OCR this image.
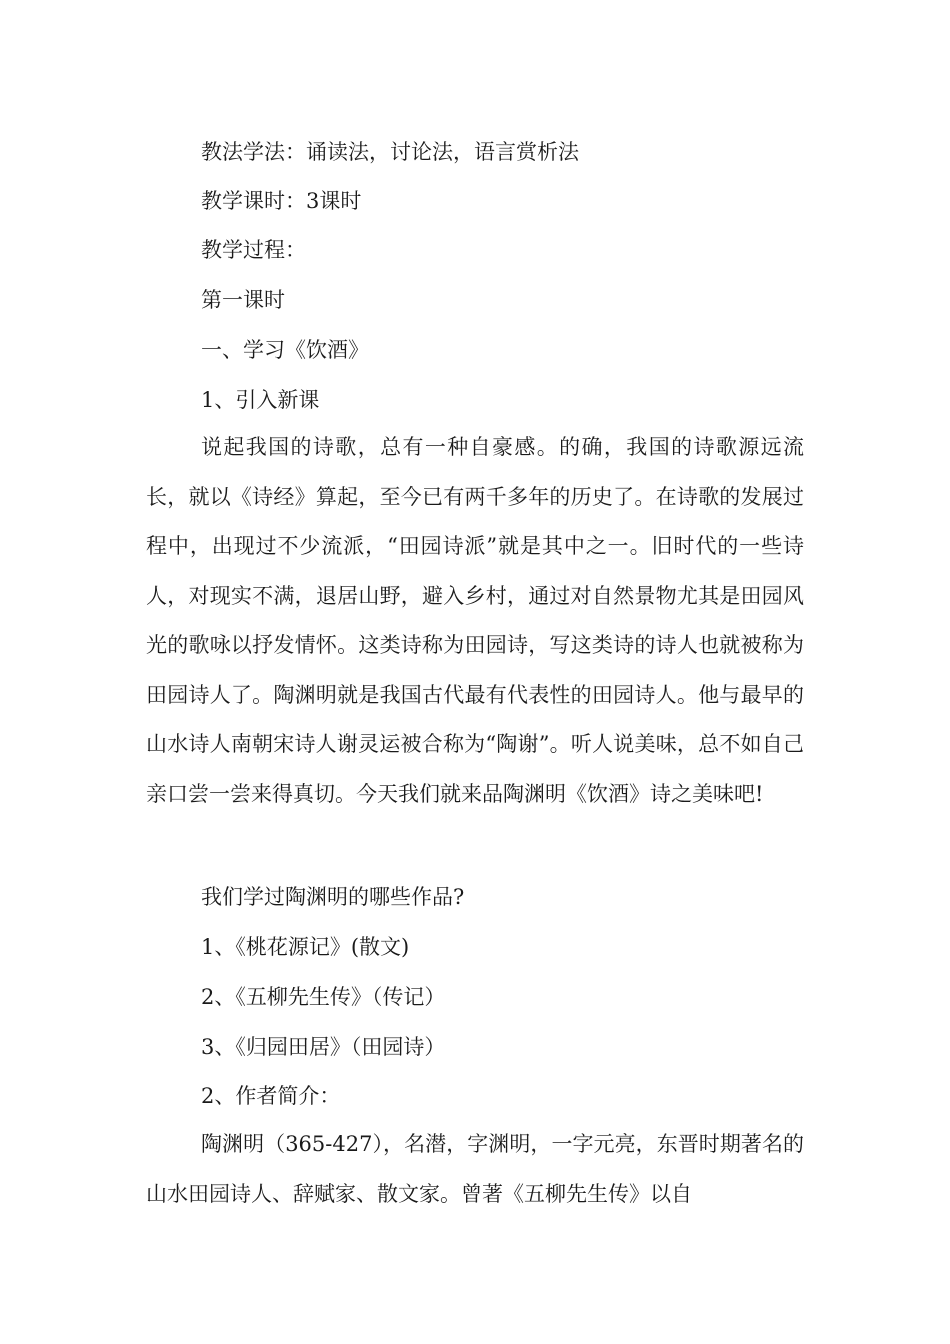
教法学法：诵读法，讨论法，语言赏析法
教学课时：3课时
教学过程：
第一课时
一、学习《饮酒》
1、引入新课

说起我国的诗歌，总有一种自豪感。的确，我国的诗歌源远流长，就以《诗经》算起，至今已有两千多年的历史了。在诗歌的发展过程中，出现过不少流派，“田园诗派”就是其中之一。旧时代的一些诗人，对现实不满，退居山野，避入乡村，通过对自然景物尤其是田园风光的歌咏以抒发情怀。这类诗称为田园诗，写这类诗的诗人也就被称为田园诗人了。陶渊明就是我国古代最有代表性的田园诗人。他与最早的山水诗人南朝宋诗人谢灵运被合称为“陶谢”。听人说美味，总不如自己亲口尝一尝来得真切。今天我们就来品陶渊明《饮酒》诗之美味吧!

我们学过陶渊明的哪些作品?
1、《桃花源记》(散文)
2、《五柳先生传》（传记）
3、《归园田居》（田园诗）
2、作者简介：

陶渊明（365-427），名潜，字渊明，一字元亮，东晋时期著名的山水田园诗人、辞赋家、散文家。曾著《五柳先生传》以自
